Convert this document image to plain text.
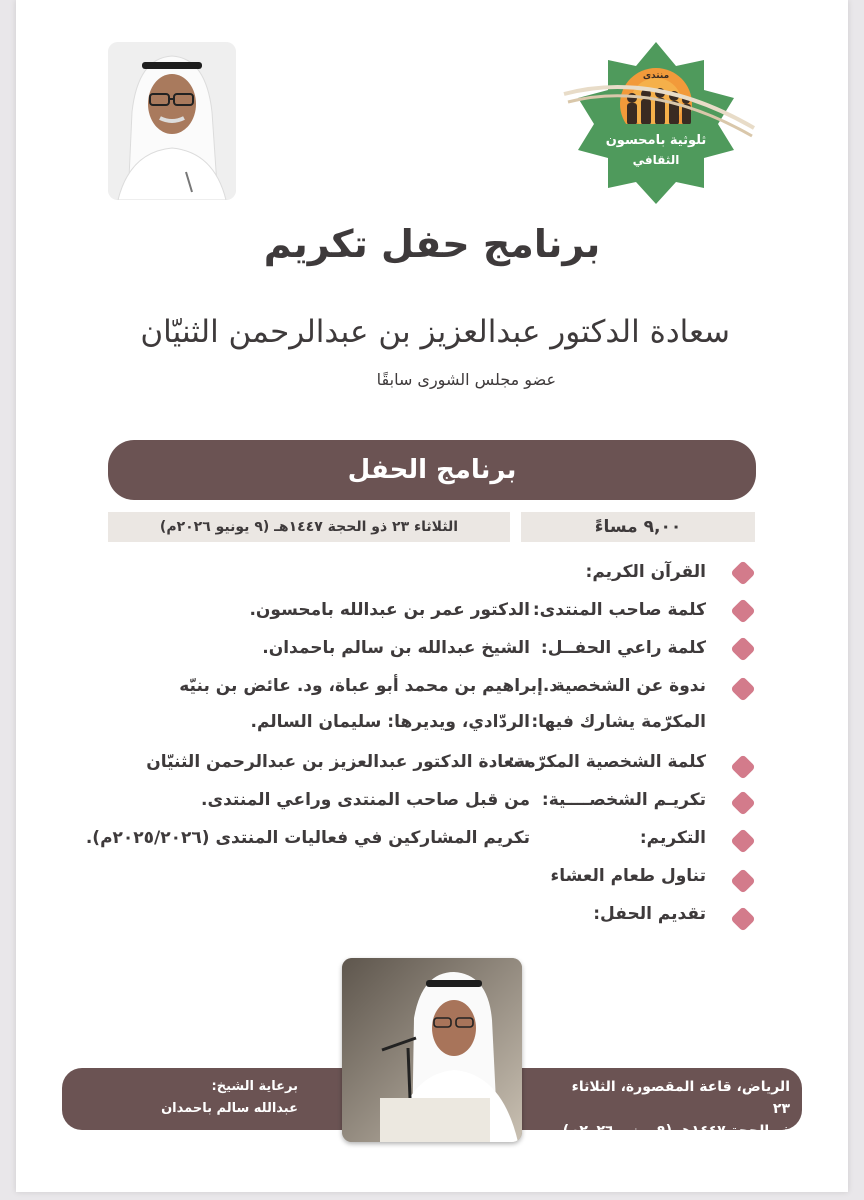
منتدى
ثلوثية بامحسون
الثقافي
برنامج حفل تكريم
سعادة الدكتور عبدالعزيز بن عبدالرحمن الثنيّان
عضو مجلس الشورى سابقًا
برنامج الحفل
٩,٠٠ مساءً
الثلاثاء ٢٣ ذو الحجة ١٤٤٧هـ (٩ يونيو ٢٠٢٦م)
القرآن الكريم:
كلمة صاحب المنتدى:
الدكتور عمر بن عبدالله بامحسون.
كلمة راعي الحفــل:
الشيخ عبدالله بن سالم باحمدان.
ندوة عن الشخصية
د.إبراهيم بن محمد أبو عباة، ود. عائض بن بنيّه
المكرّمة يشارك فيها:
الردّادي، ويديرها: سليمان السالم.
كلمة الشخصية المكرّمة:
سعادة الدكتور عبدالعزيز بن عبدالرحمن الثنيّان
تكريـم الشخصــــية:
من قبل صاحب المنتدى وراعي المنتدى.
التكريم:
تكريم المشاركين في فعاليات المنتدى (٢٠٢٥/٢٠٢٦م).
تناول طعام العشاء
تقديم الحفل:
الرياض، قاعة المقصورة، الثلاثاء ٢٣
ذو الحجة ١٤٤٧هـ (٩ يونيو ٢٠٢٦م)
برعاية الشيخ:
عبدالله سالم باحمدان
